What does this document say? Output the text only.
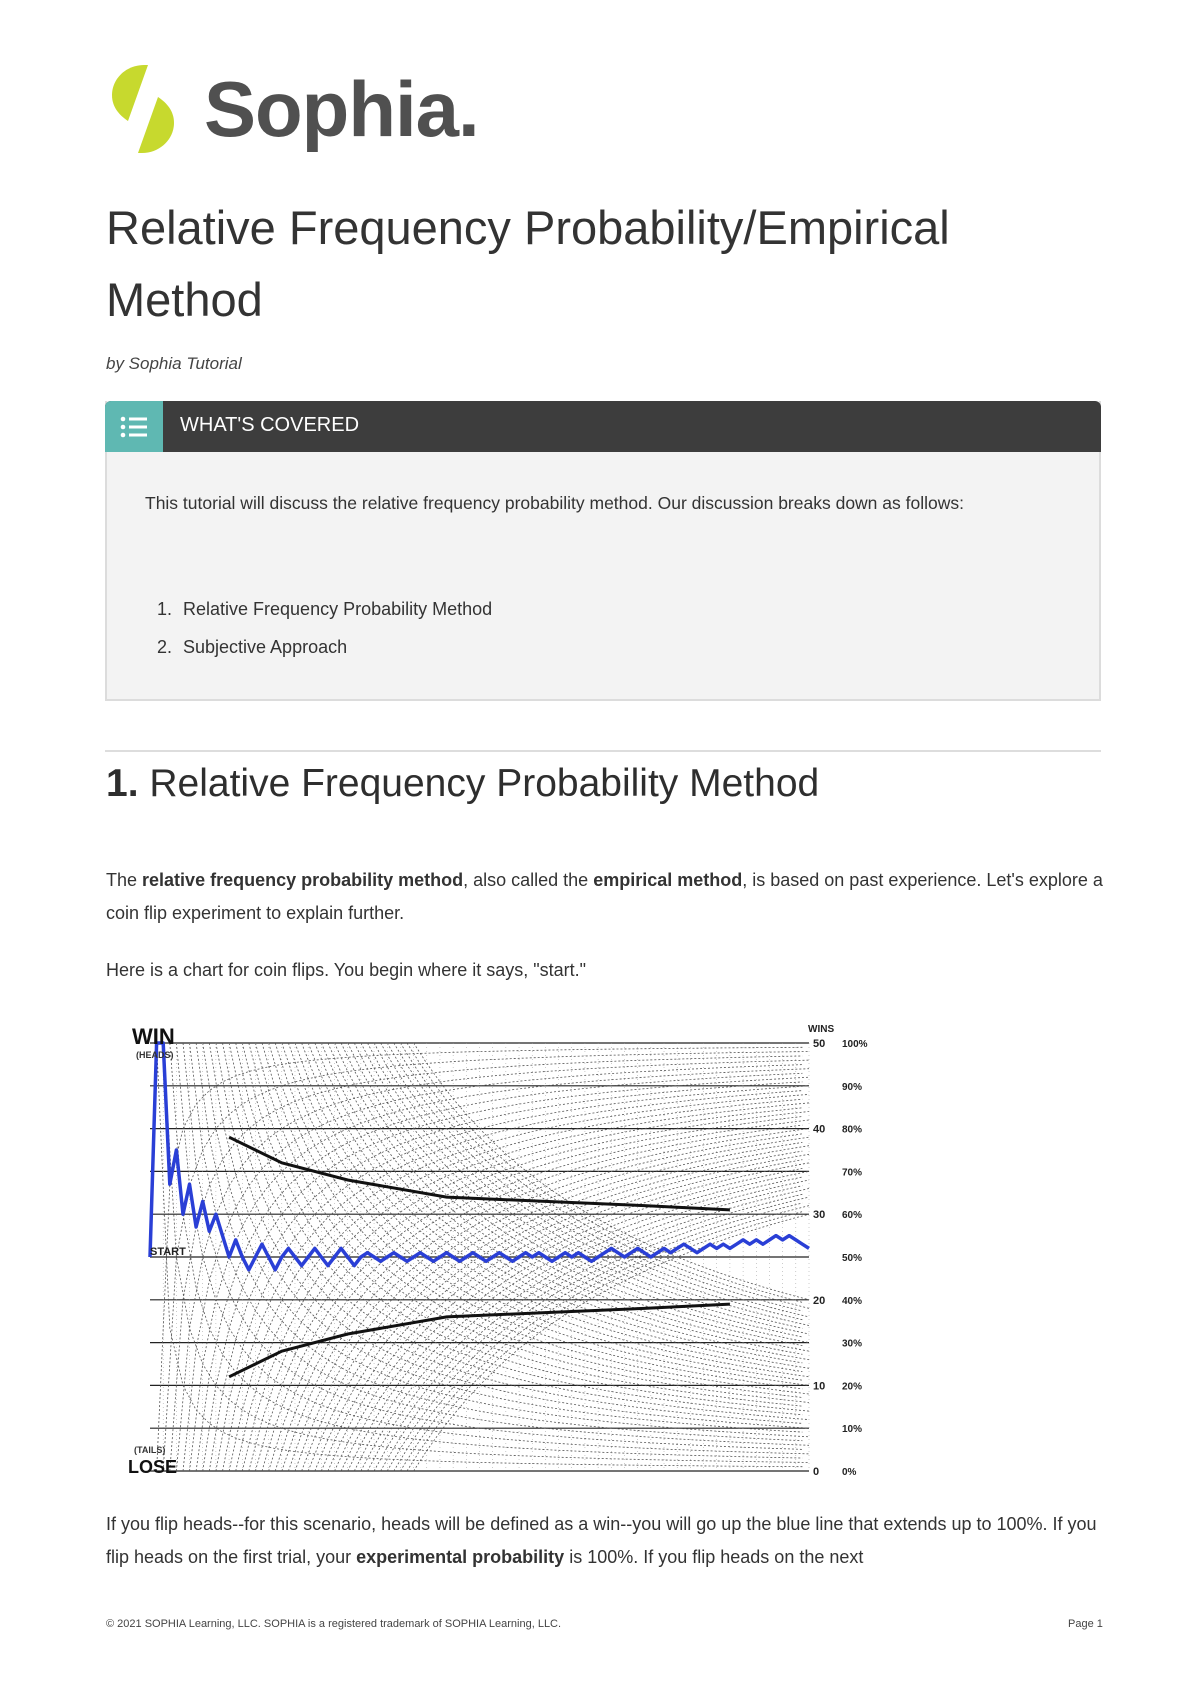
Sophia.
Relative Frequency Probability/Empirical Method
by Sophia Tutorial
WHAT'S COVERED
This tutorial will discuss the relative frequency probability method. Our discussion breaks down as follows:
1. Relative Frequency Probability Method
2. Subjective Approach
1. Relative Frequency Probability Method

The relative frequency probability method, also called the empirical method, is based on past experience. Let's explore a coin flip experiment to explain further.

Here is a chart for coin flips. You begin where it says, "start."

WIN
(HEADS)
START
(TAILS)
LOSE
WINS
50
40
30
20
10
0
100%
90%
80%
70%
60%
50%
40%
30%
20%
10%
0%

If you flip heads--for this scenario, heads will be defined as a win--you will go up the blue line that extends up to 100%. If you flip heads on the first trial, your experimental probability is 100%. If you flip heads on the next

© 2021 SOPHIA Learning, LLC. SOPHIA is a registered trademark of SOPHIA Learning, LLC.	Page 1
